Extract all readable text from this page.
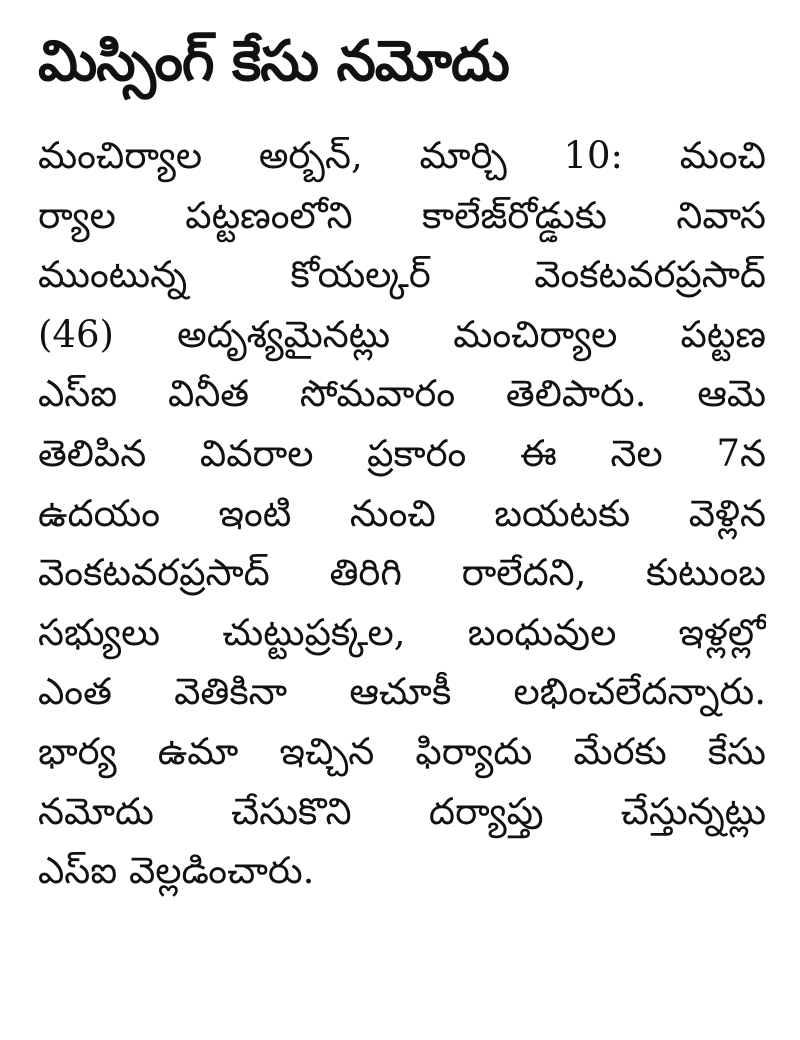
మిస్సింగ్ కేసు నమోదు
మంచిర్యాల అర్బన్, మార్చి 10: మంచి
ర్యాల పట్టణంలోని కాలేజ్‌రోడ్డుకు నివాస
ముంటున్న కోయల్కర్ వెంకటవరప్రసాద్
(46) అదృశ్యమైనట్లు మంచిర్యాల పట్టణ
ఎస్‌ఐ వినీత సోమవారం తెలిపారు. ఆమె
తెలిపిన వివరాల ప్రకారం ఈ నెల 7న
ఉదయం ఇంటి నుంచి బయటకు వెళ్లిన
వెంకటవరప్రసాద్ తిరిగి రాలేదని, కుటుంబ
సభ్యులు చుట్టుప్రక్కల, బంధువుల ఇళ్లల్లో
ఎంత వెతికినా ఆచూకీ లభించలేదన్నారు.
భార్య ఉమా ఇచ్చిన ఫిర్యాదు మేరకు కేసు
నమోదు చేసుకొని దర్యాప్తు చేస్తున్నట్లు
ఎస్‌ఐ వెల్లడించారు.
